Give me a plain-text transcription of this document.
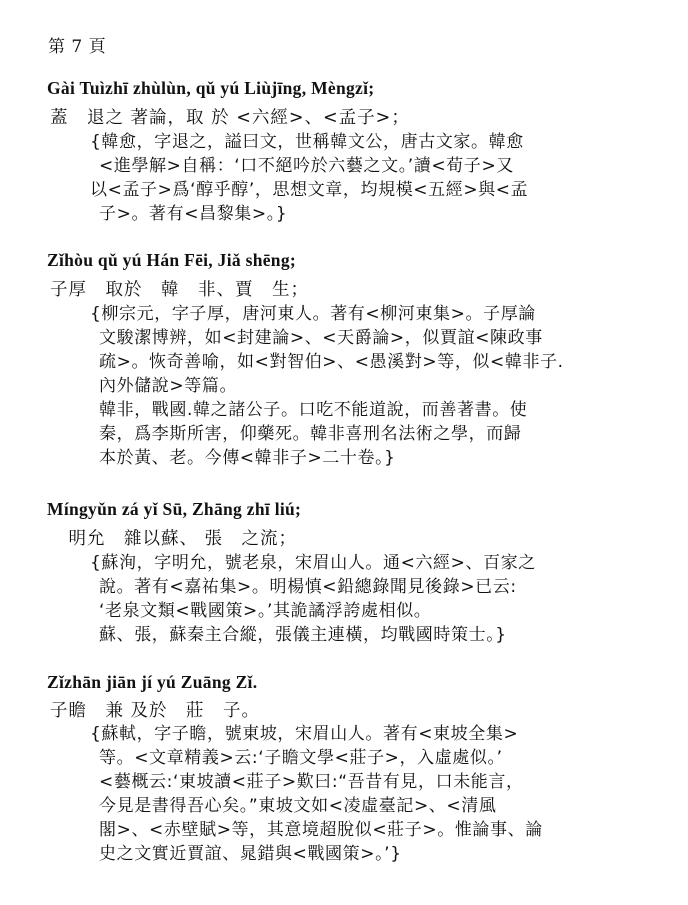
第 7 頁
Gài Tuìzhī zhùlùn, qǔ yú Liùjīng, Mèngzǐ;
蓋　退之 著論，取 於 <六經>、<孟子>；
{韓愈，字退之，謚曰文，世稱韓文公，唐古文家。韓愈
<進學解>自稱：‘口不絕吟於六藝之文。’讀<荀子>又
以<孟子>爲‘醇乎醇’，思想文章，均規模<五經>與<孟
子>。著有<昌黎集>。}
Zǐhòu qǔ yú Hán Fēi, Jiǎ shēng;
子厚　取於　韓　非、賈　生；
{柳宗元，字子厚，唐河東人。著有<柳河東集>。子厚論
文駿潔博辨，如<封建論>、<天爵論>，似賈誼<陳政事
疏>。恢奇善喻，如<對智伯>、<愚溪對>等，似<韓非子.
內外儲說>等篇。
韓非，戰國.韓之諸公子。口吃不能道說，而善著書。使
秦，爲李斯所害，仰藥死。韓非喜刑名法術之學，而歸
本於黃、老。今傳<韓非子>二十卷。}
Míngyǔn zá yǐ Sū, Zhāng zhī liú;
　明允　雜以蘇、 張　之流；
{蘇洵，字明允，號老泉，宋眉山人。通<六經>、百家之
說。著有<嘉祐集>。明楊慎<鉛總錄聞見後錄>已云:
‘老泉文類<戰國策>。’其詭譎浮誇處相似。
蘇、張，蘇秦主合縱，張儀主連橫，均戰國時策士。}
Zǐzhān jiān jí yú Zuāng Zǐ.
子瞻　兼 及於　莊　子。
{蘇軾，字子瞻，號東坡，宋眉山人。著有<東坡全集>
等。<文章精義>云:‘子瞻文學<莊子>，入虛處似。’
<藝概云:‘東坡讀<莊子>歎曰:“吾昔有見，口未能言，
今見是書得吾心矣。”東坡文如<凌虛臺記>、<清風
閣>、<赤壁賦>等，其意境超脫似<莊子>。惟論事、論
史之文實近賈誼、晁錯與<戰國策>。’}
